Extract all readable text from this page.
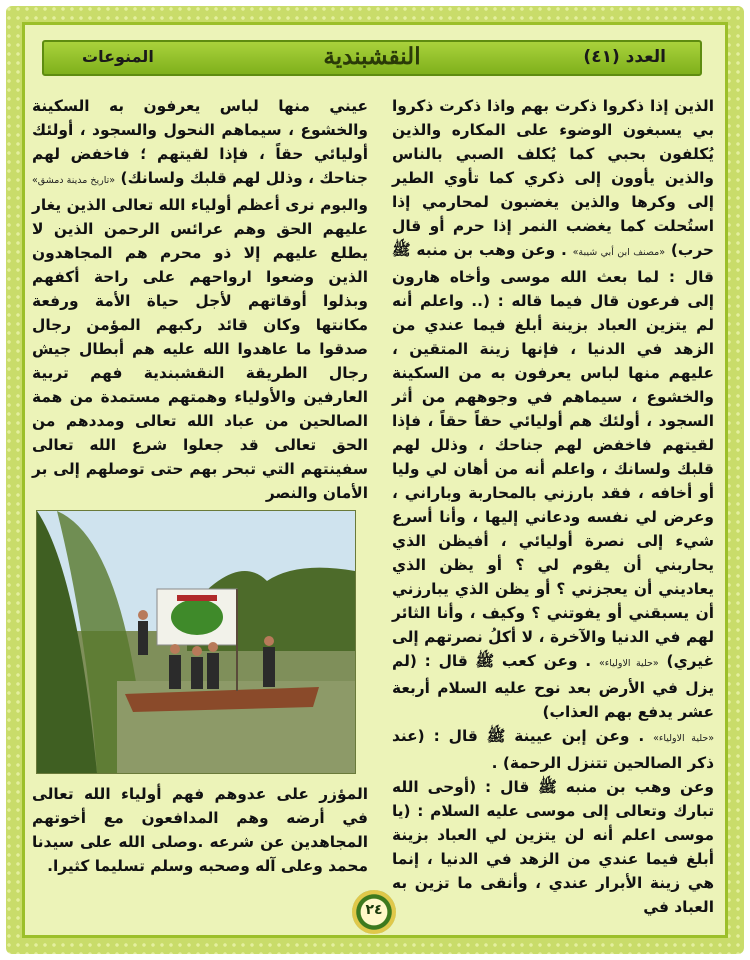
العدد (٤١)
النقشبندية
المنوعات
الذين إذا ذكروا ذكرت بهم واذا ذكرت ذكروا بي يسبغون الوضوء على المكاره والذين يُكلفون بحبي كما يُكلف الصبي بالناس والذين يأوون إلى ذكري كما تأوي الطير إلى وكرها والذين يغضبون لمحارمي إذا استُحلت كما يغضب النمر إذا حرم أو قال حرب) «مصنف ابن أبي شيبة» . وعن وهب بن منبه ﷺ قال : لما بعث الله موسى وأخاه هارون إلى فرعون قال فيما قاله : (.. واعلم أنه لم يتزين العباد بزينة أبلغ فيما عندي من الزهد في الدنيا ، فإنها زينة المتقين ، عليهم منها لباس يعرفون به من السكينة والخشوع ، سيماهم في وجوههم من أثر السجود ، أولئك هم أوليائي حقاً حقاً ، فإذا لقيتهم فاخفض لهم جناحك ، وذلل لهم قلبك ولسانك ، واعلم أنه من أهان لي وليا أو أخافه ، فقد بارزني بالمحاربة وباراني ، وعرض لي نفسه ودعاني إليها ، وأنا أسرع شيء إلى نصرة أوليائي ، أفيظن الذي يحاربني أن يقوم لي ؟ أو يظن الذي يعاديني أن يعجزني ؟ أو يظن الذي يبارزني أن يسبقني أو يفوتني ؟ وكيف ، وأنا الثائر لهم في الدنيا والآخرة ، لا أكلُ نصرتهم إلى غيري) «حلية الاولياء» . وعن كعب ﷺ قال : (لم يزل في الأرض بعد نوح عليه السلام أربعة عشر يدفع بهم العذاب)
«حلية الاولياء» . وعن إبن عيينة ﷺ قال : (عند ذكر الصالحين تتنزل الرحمة) .
وعن وهب بن منبه ﷺ قال : (أوحى الله تبارك وتعالى إلى موسى عليه السلام : (يا موسى اعلم أنه لن يتزين لي العباد بزينة أبلغ فيما عندي من الزهد في الدنيا ، إنما هي زينة الأبرار عندي ، وأنقى ما تزين به العباد في
عيني منها لباس يعرفون به السكينة والخشوع ، سيماهم النحول والسجود ، أولئك أوليائي حقاً ، فإذا لقيتهم ؛ فاخفض لهم جناحك ، وذلل لهم قلبك ولسانك) «تاريخ مدينة دمشق» والبوم نرى أعظم أولياء الله تعالى الذين يغار عليهم الحق وهم عرائس الرحمن الذين لا يطلع عليهم إلا ذو محرم هم المجاهدون الذين وضعوا ارواحهم على راحة أكفهم وبذلوا أوقاتهم لأجل حياة الأمة ورفعة مكانتها وكان قائد ركبهم المؤمن رجال صدقوا ما عاهدوا الله عليه هم أبطال جيش رجال الطريقة النقشبندية فهم تربية العارفين والأولياء وهمتهم مستمدة من همة الصالحين من عباد الله تعالى ومددهم من الحق تعالى قد جعلوا شرع الله تعالى سفينتهم التي تبحر بهم حتى توصلهم إلى بر الأمان والنصر
المؤزر على عدوهم فهم أولياء الله تعالى في أرضه وهم المدافعون مع أخوتهم المجاهدين عن شرعه .وصلى الله على سيدنا محمد وعلى آله وصحبه وسلم تسليما كثيرا.
٢٤
